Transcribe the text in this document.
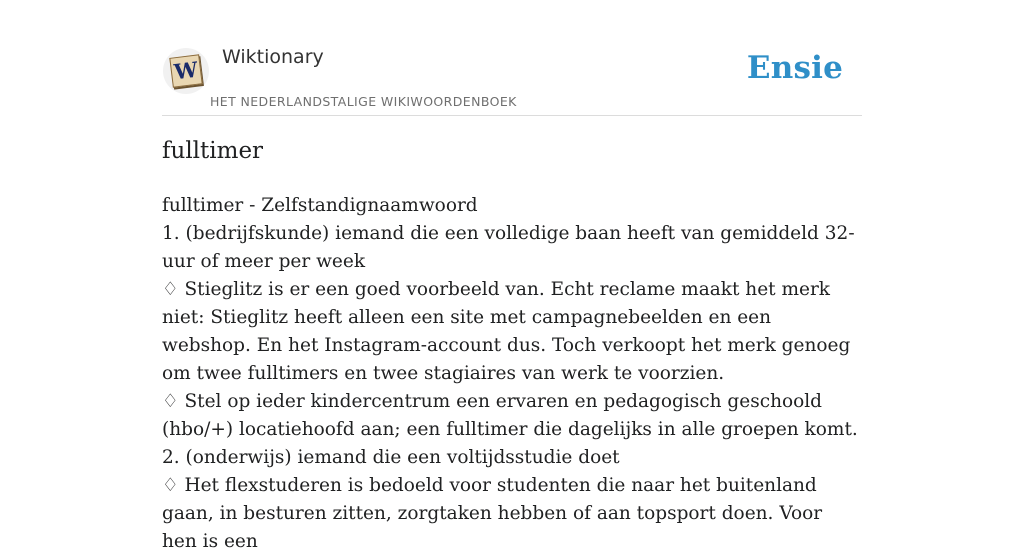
W Wiktionary
HET NEDERLANDSTALIGE WIKIWOORDENBOEK
Ensie
fulltimer
fulltimer - Zelfstandignaamwoord
1. (bedrijfskunde) iemand die een volledige baan heeft van gemiddeld 32-uur of meer per week
♢ Stieglitz is er een goed voorbeeld van. Echt reclame maakt het merk niet: Stieglitz heeft alleen een site met campagnebeelden en een webshop. En het Instagram-account dus. Toch verkoopt het merk genoeg om twee fulltimers en twee stagiaires van werk te voorzien.
♢ Stel op ieder kindercentrum een ervaren en pedagogisch geschoold (hbo/+) locatiehoofd aan; een fulltimer die dagelijks in alle groepen komt.
2. (onderwijs) iemand die een voltijdsstudie doet
♢ Het flexstuderen is bedoeld voor studenten die naar het buitenland gaan, in besturen zitten, zorgtaken hebben of aan topsport doen. Voor hen is een
